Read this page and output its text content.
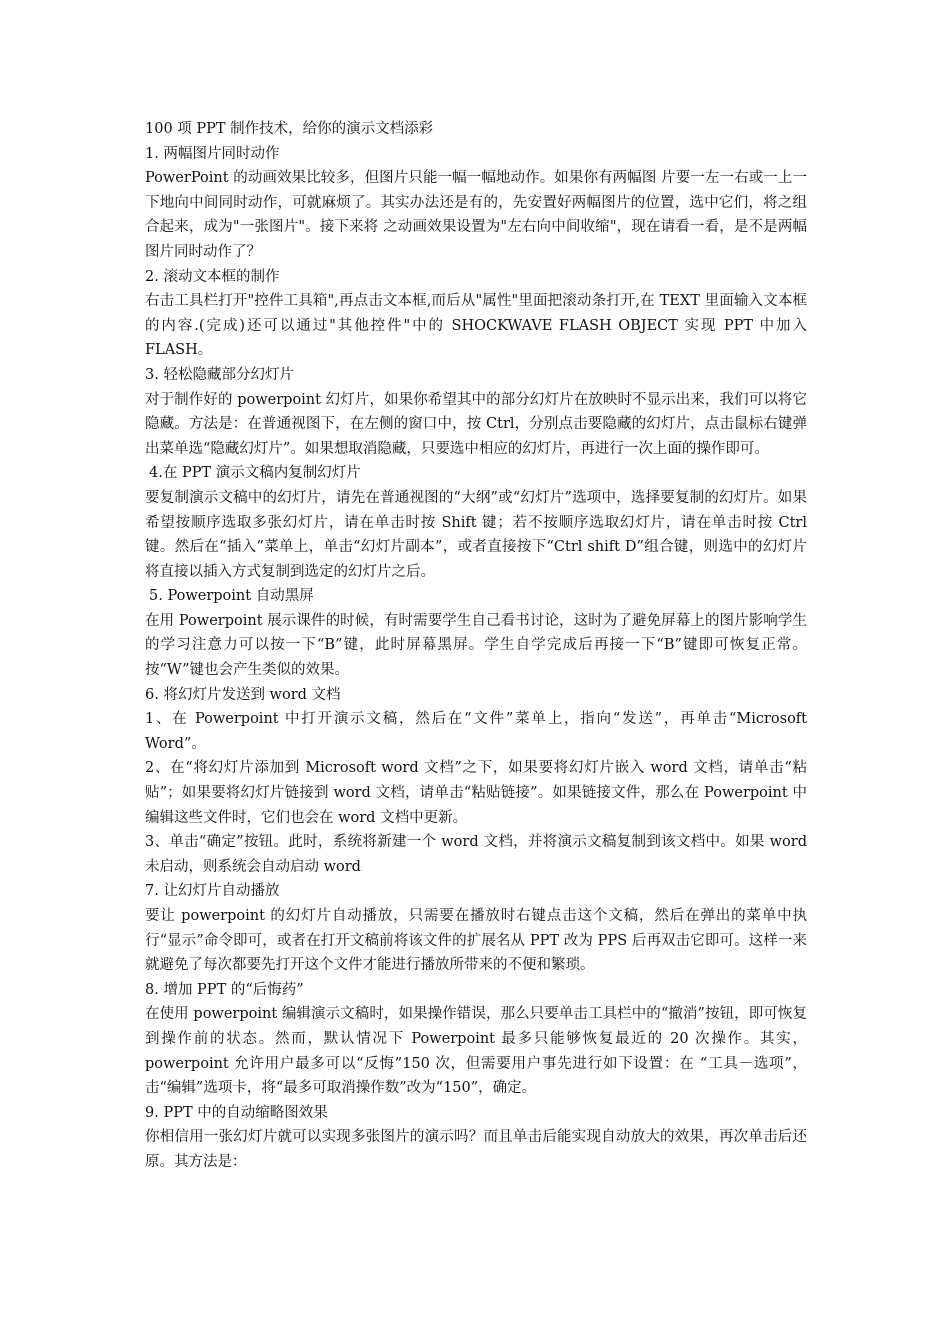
100 项 PPT 制作技术，给你的演示文档添彩

1. 两幅图片同时动作

PowerPoint 的动画效果比较多，但图片只能一幅一幅地动作。如果你有两幅图 片要一左一右或一上一下地向中间同时动作，可就麻烦了。其实办法还是有的，先安置好两幅图片的位置，选中它们，将之组合起来，成为"一张图片"。接下来将 之动画效果设置为"左右向中间收缩"，现在请看一看，是不是两幅图片同时动作了？

2. 滚动文本框的制作

右击工具栏打开"控件工具箱",再点击文本框,而后从"属性"里面把滚动条打开,在 TEXT 里面输入文本框的内容.(完成)还可以通过"其他控件"中的 SHOCKWAVE FLASH OBJECT 实现 PPT 中加入 FLASH。

3. 轻松隐藏部分幻灯片

对于制作好的 powerpoint 幻灯片，如果你希望其中的部分幻灯片在放映时不显示出来，我们可以将它隐藏。方法是：在普通视图下，在左侧的窗口中，按 Ctrl，分别点击要隐藏的幻灯片，点击鼠标右键弹出菜单选“隐藏幻灯片”。如果想取消隐藏，只要选中相应的幻灯片，再进行一次上面的操作即可。

4.在 PPT 演示文稿内复制幻灯片

要复制演示文稿中的幻灯片，请先在普通视图的“大纲”或“幻灯片”选项中，选择要复制的幻灯片。如果希望按顺序选取多张幻灯片，请在单击时按 Shift 键；若不按顺序选取幻灯片，请在单击时按 Ctrl 键。然后在“插入”菜单上，单击“幻灯片副本”，或者直接按下“Ctrl shift D”组合键，则选中的幻灯片将直接以插入方式复制到选定的幻灯片之后。

5. Powerpoint 自动黑屏

在用 Powerpoint 展示课件的时候，有时需要学生自己看书讨论，这时为了避免屏幕上的图片影响学生的学习注意力可以按一下“B”键，此时屏幕黑屏。学生自学完成后再接一下“B”键即可恢复正常。按“W”键也会产生类似的效果。

6. 将幻灯片发送到 word 文档

1、在 Powerpoint 中打开演示文稿，然后在“文件”菜单上，指向“发送”，再单击“Microsoft Word”。

2、在“将幻灯片添加到 Microsoft word 文档”之下，如果要将幻灯片嵌入 word 文档，请单击“粘贴”；如果要将幻灯片链接到 word 文档，请单击“粘贴链接”。如果链接文件，那么在 Powerpoint 中编辑这些文件时，它们也会在 word 文档中更新。

3、单击“确定”按钮。此时，系统将新建一个 word 文档，并将演示文稿复制到该文档中。如果 word 未启动，则系统会自动启动 word

7. 让幻灯片自动播放

要让 powerpoint 的幻灯片自动播放，只需要在播放时右键点击这个文稿，然后在弹出的菜单中执行“显示”命令即可，或者在打开文稿前将该文件的扩展名从 PPT 改为 PPS 后再双击它即可。这样一来就避免了每次都要先打开这个文件才能进行播放所带来的不便和繁琐。

8. 增加 PPT 的“后悔药”

在使用 powerpoint 编辑演示文稿时，如果操作错误，那么只要单击工具栏中的“撤消”按钮，即可恢复到操作前的状态。然而，默认情况下 Powerpoint 最多只能够恢复最近的 20 次操作。其实，powerpoint 允许用户最多可以“反悔”150 次，但需要用户事先进行如下设置：在 “工具－选项”，击“编辑”选项卡，将“最多可取消操作数”改为“150”，确定。

9. PPT 中的自动缩略图效果

你相信用一张幻灯片就可以实现多张图片的演示吗？而且单击后能实现自动放大的效果，再次单击后还原。其方法是：
